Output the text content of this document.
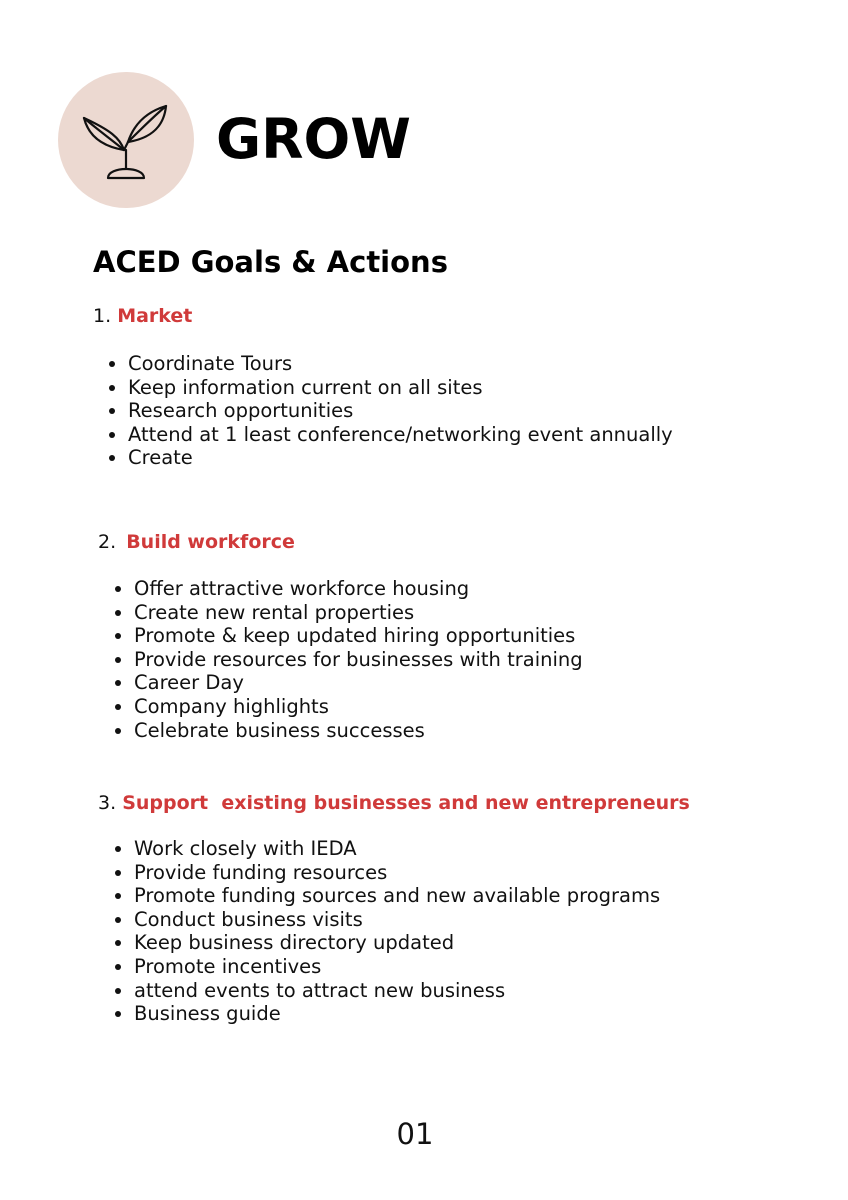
GROW
ACED Goals & Actions
1. Market
Coordinate Tours
Keep information current on all sites
Research opportunities
Attend at 1 least conference/networking event annually
Create
2. Build workforce
Offer attractive workforce housing
Create new rental properties
Promote & keep updated hiring opportunities
Provide resources for businesses with training
Career Day
Company highlights
Celebrate business successes
3. Support  existing businesses and new entrepreneurs
Work closely with IEDA
Provide funding resources
Promote funding sources and new available programs
Conduct business visits
Keep business directory updated
Promote incentives
attend events to attract new business
Business guide
01
